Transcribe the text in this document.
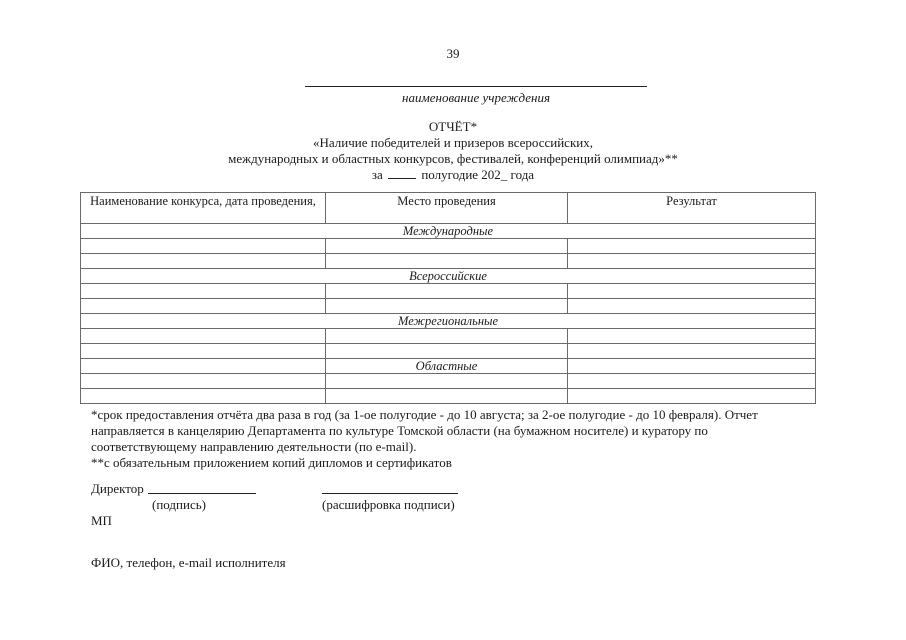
39
наименование учреждения
ОТЧЁТ*
«Наличие победителей и призеров всероссийских,
международных и областных конкурсов, фестивалей, конференций олимпиад»**
за	полугодие 202_ года
Наименование конкурса, дата проведения,	Место проведения	Результат
Международные		

Всероссийские		

Межрегиональные		

	Областные	

*срок предоставления отчёта два раза в год (за 1-ое полугодие - до 10 августа; за 2-ое полугодие - до 10 февраля). Отчет
направляется в канцелярию Департамента по культуре Томской области (на бумажном носителе) и куратору по
соответствующему направлению деятельности (по e-mail).
**с обязательным приложением копий дипломов и сертификатов
Директор
(подпись)	(расшифровка подписи)
МП
ФИО, телефон, e-mail исполнителя
